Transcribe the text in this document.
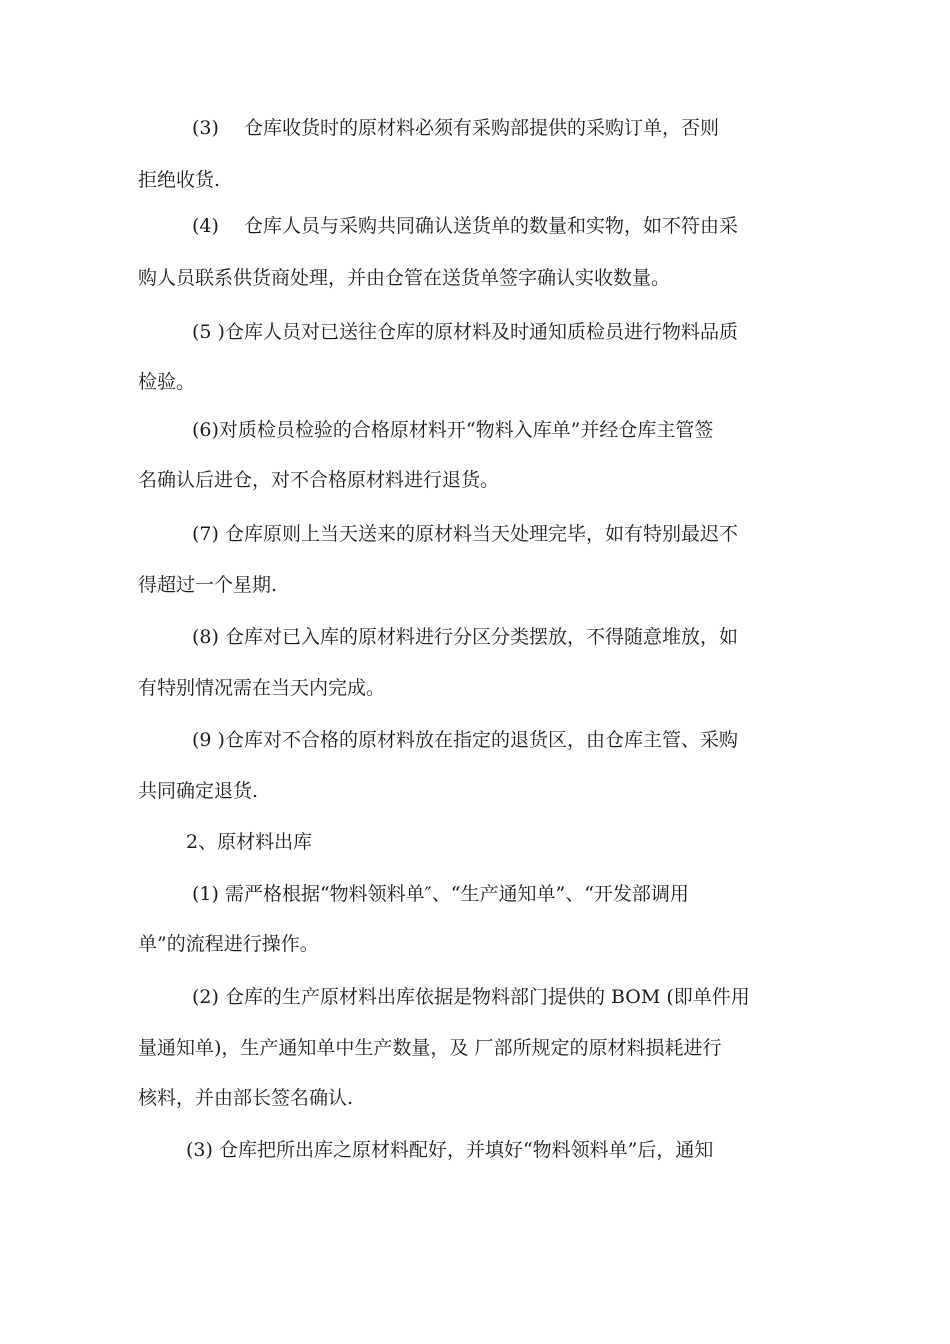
(3)　 仓库收货时的原材料必须有采购部提供的采购订单，否则
拒绝收货.
(4)　 仓库人员与采购共同确认送货单的数量和实物，如不符由采
购人员联系供货商处理，并由仓管在送货单签字确认实收数量。
(5 )仓库人员对已送往仓库的原材料及时通知质检员进行物料品质
检验。
(6)对质检员检验的合格原材料开“物料入库单”并经仓库主管签
名确认后进仓，对不合格原材料进行退货。
(7) 仓库原则上当天送来的原材料当天处理完毕，如有特别最迟不
得超过一个星期.
(8) 仓库对已入库的原材料进行分区分类摆放，不得随意堆放，如
有特别情况需在当天内完成。
(9 )仓库对不合格的原材料放在指定的退货区，由仓库主管、采购
共同确定退货.
2、原材料出库
(1) 需严格根据“物料领料单″、“生产通知单”、“开发部调用
单”的流程进行操作。
(2) 仓库的生产原材料出库依据是物料部门提供的 BOM (即单件用
量通知单)，生产通知单中生产数量，及 厂部所规定的原材料损耗进行
核料，并由部长签名确认.
(3) 仓库把所出库之原材料配好，并填好“物料领料单”后，通知
